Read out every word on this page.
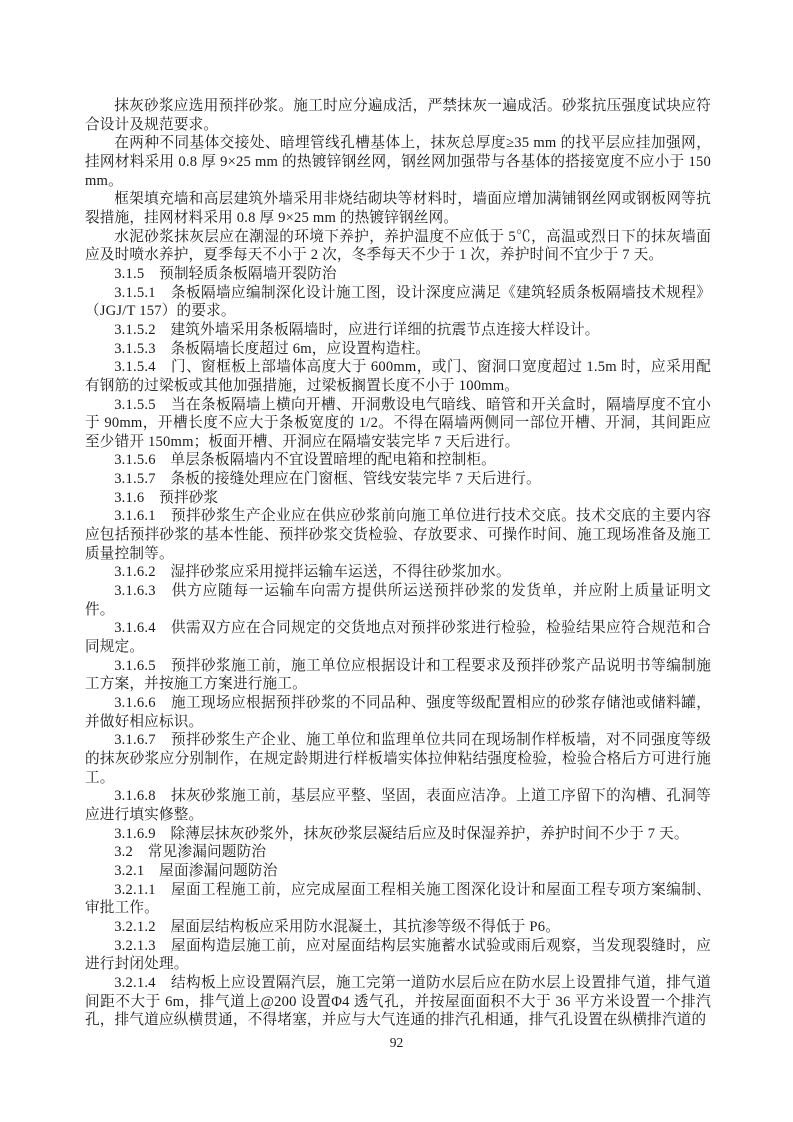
抹灰砂浆应选用预拌砂浆。施工时应分遍成活，严禁抹灰一遍成活。砂浆抗压强度试块应符合设计及规范要求。

在两种不同基体交接处、暗埋管线孔槽基体上，抹灰总厚度≥35 mm 的找平层应挂加强网，挂网材料采用 0.8 厚 9×25 mm 的热镀锌钢丝网，钢丝网加强带与各基体的搭接宽度不应小于 150 mm。

框架填充墙和高层建筑外墙采用非烧结砌块等材料时，墙面应增加满铺钢丝网或钢板网等抗裂措施，挂网材料采用 0.8 厚 9×25 mm 的热镀锌钢丝网。

水泥砂浆抹灰层应在潮湿的环境下养护，养护温度不应低于 5℃，高温或烈日下的抹灰墙面应及时喷水养护，夏季每天不小于 2 次，冬季每天不少于 1 次，养护时间不宜少于 7 天。

3.1.5　预制轻质条板隔墙开裂防治

3.1.5.1　条板隔墙应编制深化设计施工图，设计深度应满足《建筑轻质条板隔墙技术规程》（JGJ/T 157）的要求。

3.1.5.2　建筑外墙采用条板隔墙时，应进行详细的抗震节点连接大样设计。

3.1.5.3　条板隔墙长度超过 6m，应设置构造柱。

3.1.5.4　门、窗框板上部墙体高度大于 600mm，或门、窗洞口宽度超过 1.5m 时，应采用配有钢筋的过梁板或其他加强措施，过梁板搁置长度不小于 100mm。

3.1.5.5　当在条板隔墙上横向开槽、开洞敷设电气暗线、暗管和开关盒时，隔墙厚度不宜小于 90mm，开槽长度不应大于条板宽度的 1/2。不得在隔墙两侧同一部位开槽、开洞，其间距应至少错开 150mm；板面开槽、开洞应在隔墙安装完毕 7 天后进行。

3.1.5.6　单层条板隔墙内不宜设置暗埋的配电箱和控制柜。

3.1.5.7　条板的接缝处理应在门窗框、管线安装完毕 7 天后进行。

3.1.6　预拌砂浆

3.1.6.1　预拌砂浆生产企业应在供应砂浆前向施工单位进行技术交底。技术交底的主要内容应包括预拌砂浆的基本性能、预拌砂浆交货检验、存放要求、可操作时间、施工现场准备及施工质量控制等。

3.1.6.2　湿拌砂浆应采用搅拌运输车运送，不得往砂浆加水。

3.1.6.3　供方应随每一运输车向需方提供所运送预拌砂浆的发货单，并应附上质量证明文件。

3.1.6.4　供需双方应在合同规定的交货地点对预拌砂浆进行检验，检验结果应符合规范和合同规定。

3.1.6.5　预拌砂浆施工前，施工单位应根据设计和工程要求及预拌砂浆产品说明书等编制施工方案，并按施工方案进行施工。

3.1.6.6　施工现场应根据预拌砂浆的不同品种、强度等级配置相应的砂浆存储池或储料罐，并做好相应标识。

3.1.6.7　预拌砂浆生产企业、施工单位和监理单位共同在现场制作样板墙，对不同强度等级的抹灰砂浆应分别制作，在规定龄期进行样板墙实体拉伸粘结强度检验，检验合格后方可进行施工。

3.1.6.8　抹灰砂浆施工前，基层应平整、坚固，表面应洁净。上道工序留下的沟槽、孔洞等应进行填实修整。

3.1.6.9　除薄层抹灰砂浆外，抹灰砂浆层凝结后应及时保湿养护，养护时间不少于 7 天。

3.2　常见渗漏问题防治

3.2.1　屋面渗漏问题防治

3.2.1.1　屋面工程施工前，应完成屋面工程相关施工图深化设计和屋面工程专项方案编制、审批工作。

3.2.1.2　屋面层结构板应采用防水混凝土，其抗渗等级不得低于 P6。

3.2.1.3　屋面构造层施工前，应对屋面结构层实施蓄水试验或雨后观察，当发现裂缝时，应进行封闭处理。

3.2.1.4　结构板上应设置隔汽层，施工完第一道防水层后应在防水层上设置排气道，排气道间距不大于 6m，排气道上@200 设置Φ4 透气孔，并按屋面面积不大于 36 平方米设置一个排汽孔，排气道应纵横贯通，不得堵塞，并应与大气连通的排汽孔相通，排气孔设置在纵横排汽道的

92
